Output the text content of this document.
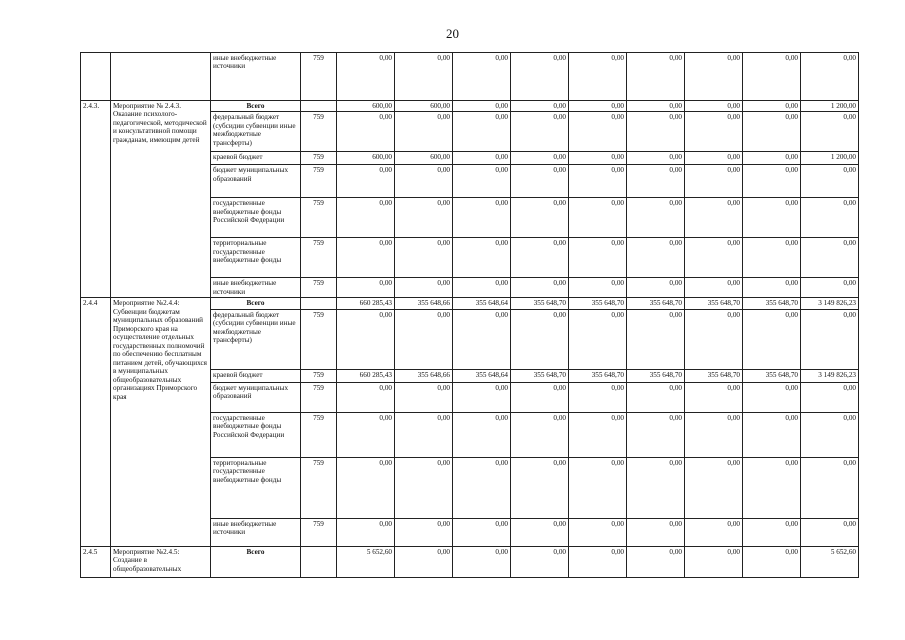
20
		иные внебюджетные источники	759	0,00	0,00	0,00	0,00	0,00	0,00	0,00	0,00	0,00
2.4.3.	Мероприятие № 2.4.3. Оказание психолого-педагогической, методической и консультативной помощи гражданам, имеющим детей	Всего		600,00	600,00	0,00	0,00	0,00	0,00	0,00	0,00	1 200,00
		федеральный бюджет (субсидии субвенции иные межбюджетные трансферты)	759	0,00	0,00	0,00	0,00	0,00	0,00	0,00	0,00	0,00
		краевой бюджет	759	600,00	600,00	0,00	0,00	0,00	0,00	0,00	0,00	1 200,00
		бюджет муниципальных образований	759	0,00	0,00	0,00	0,00	0,00	0,00	0,00	0,00	0,00
		государственные внебюджетные фонды Российской Федерации	759	0,00	0,00	0,00	0,00	0,00	0,00	0,00	0,00	0,00
		территориальные государственные внебюджетные фонды	759	0,00	0,00	0,00	0,00	0,00	0,00	0,00	0,00	0,00
		иные внебюджетные источники	759	0,00	0,00	0,00	0,00	0,00	0,00	0,00	0,00	0,00
2.4.4	Мероприятие №2.4.4: Субвенции бюджетам муниципальных образований Приморского края на осуществление отдельных государственных полномочий по обеспечению бесплатным питанием детей, обучающихся в муниципальных общеобразовательных организациях Приморского края	Всего		660 285,43	355 648,66	355 648,64	355 648,70	355 648,70	355 648,70	355 648,70	355 648,70	3 149 826,23
		федеральный бюджет (субсидии субвенции иные межбюджетные трансферты)	759	0,00	0,00	0,00	0,00	0,00	0,00	0,00	0,00	0,00
		краевой бюджет	759	660 285,43	355 648,66	355 648,64	355 648,70	355 648,70	355 648,70	355 648,70	355 648,70	3 149 826,23
		бюджет муниципальных образований	759	0,00	0,00	0,00	0,00	0,00	0,00	0,00	0,00	0,00
		государственные внебюджетные фонды Российской Федерации	759	0,00	0,00	0,00	0,00	0,00	0,00	0,00	0,00	0,00
		территориальные государственные внебюджетные фонды	759	0,00	0,00	0,00	0,00	0,00	0,00	0,00	0,00	0,00
		иные внебюджетные источники	759	0,00	0,00	0,00	0,00	0,00	0,00	0,00	0,00	0,00
2.4.5	Мероприятие №2.4.5: Создание в общеобразовательных	Всего		5 652,60	0,00	0,00	0,00	0,00	0,00	0,00	0,00	5 652,60
